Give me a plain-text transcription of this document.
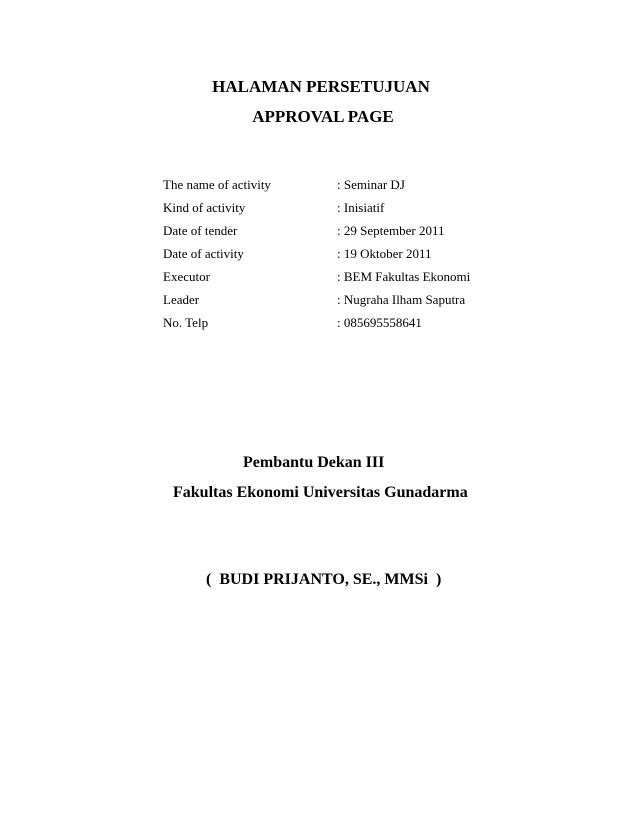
HALAMAN PERSETUJUAN
APPROVAL PAGE
The name of activity	: Seminar DJ
Kind of activity	: Inisiatif
Date of tender	: 29 September 2011
Date of activity	: 19 Oktober 2011
Executor	: BEM Fakultas Ekonomi
Leader	: Nugraha Ilham Saputra
No. Telp	: 085695558641
Pembantu Dekan III
Fakultas Ekonomi Universitas Gunadarma
(  BUDI PRIJANTO, SE., MMSi  )
